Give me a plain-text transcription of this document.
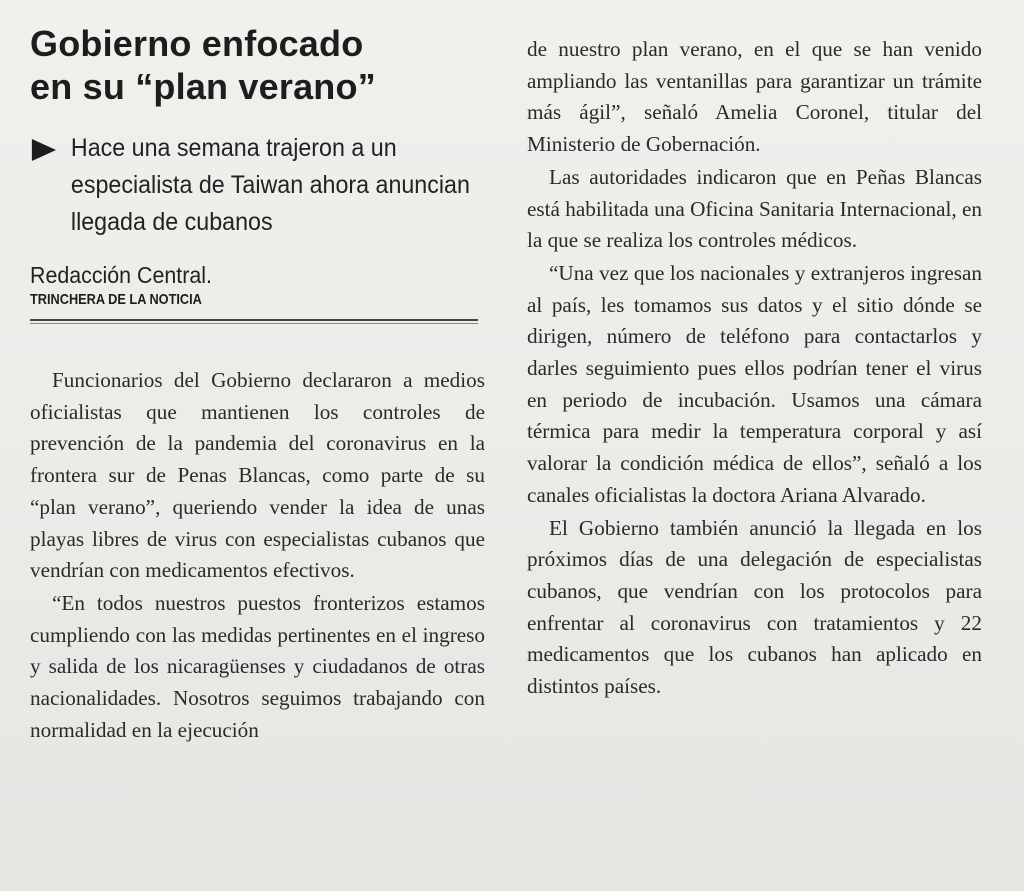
Gobierno enfocado
en su “plan verano”
Hace una semana trajeron a un especialista de Taiwan ahora anuncian llegada de cubanos
Redacción Central.
TRINCHERA DE LA NOTICIA

Funcionarios del Gobierno declararon a medios oficialistas que mantienen los controles de prevención de la pandemia del coronavirus en la frontera sur de Penas Blancas, como parte de su “plan verano”, queriendo vender la idea de unas playas libres de virus con especialistas cubanos que vendrían con medicamentos efectivos.

“En todos nuestros puestos fronterizos estamos cumpliendo con las medidas pertinentes en el ingreso y salida de los nicaragüenses y ciudadanos de otras nacionalidades. Nosotros seguimos trabajando con normalidad en la ejecución

de nuestro plan verano, en el que se han venido ampliando las ventanillas para garantizar un trámite más ágil”, señaló Amelia Coronel, titular del Ministerio de Gobernación.

Las autoridades indicaron que en Peñas Blancas está habilitada una Oficina Sanitaria Internacional, en la que se realiza los controles médicos.

“Una vez que los nacionales y extranjeros ingresan al país, les tomamos sus datos y el sitio dónde se dirigen, número de teléfono para contactarlos y darles seguimiento pues ellos podrían tener el virus en periodo de incubación. Usamos una cámara térmica para medir la temperatura corporal y así valorar la condición médica de ellos”, señaló a los canales oficialistas la doctora Ariana Alvarado.

El Gobierno también anunció la llegada en los próximos días de una delegación de especialistas cubanos, que vendrían con los protocolos para enfrentar al coronavirus con tratamientos y 22 medicamentos que los cubanos han aplicado en distintos países.
